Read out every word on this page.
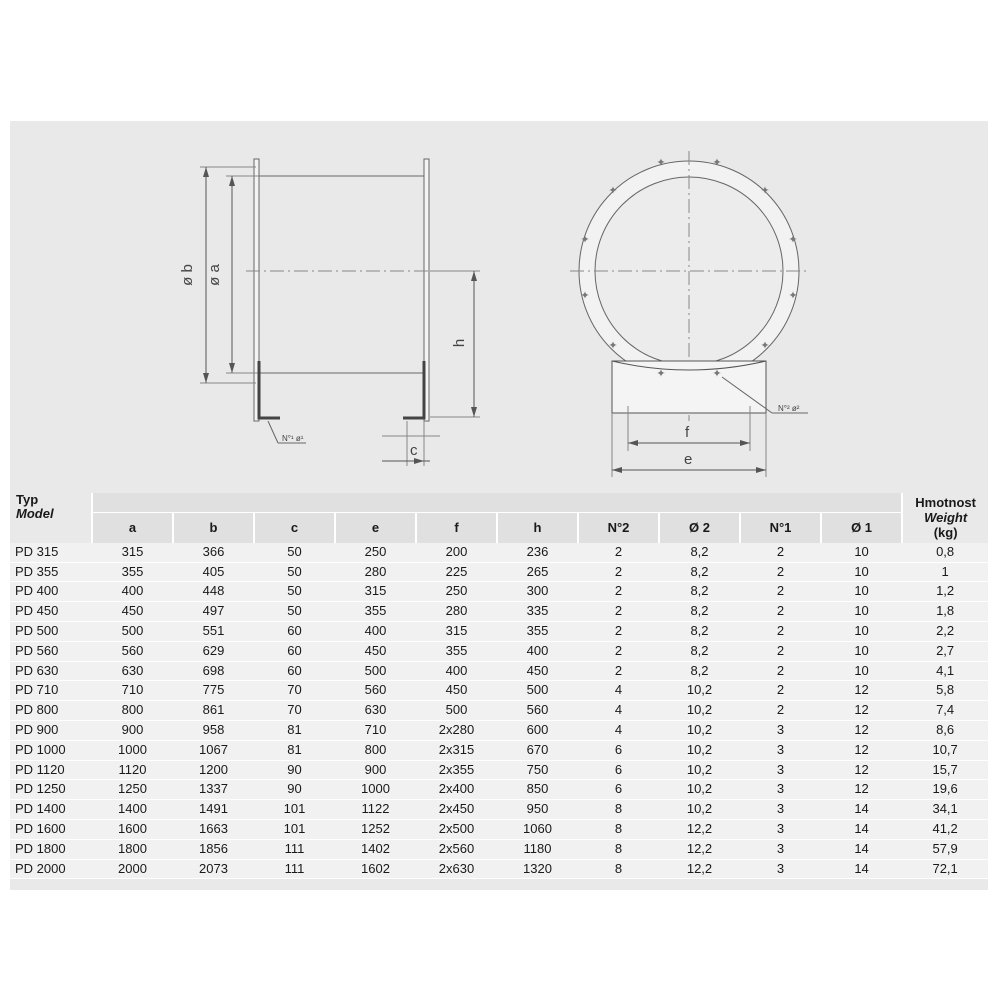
ø b ø a
h
c
N°¹ ø¹
✦	✦
✦
✦
✦
✦
✦
✦
✦
✦
✦
✦
f
e
N°² ø²
Typ
Model											Hmotnost
Weight
(kg)

	a	b	c	e	f	h	N°2	Ø 2	N°1	Ø 1	
PD 315	315	366	50	250	200	236	2	8,2	2	10	0,8
PD 355	355	405	50	280	225	265	2	8,2	2	10	1
PD 400	400	448	50	315	250	300	2	8,2	2	10	1,2
PD 450	450	497	50	355	280	335	2	8,2	2	10	1,8
PD 500	500	551	60	400	315	355	2	8,2	2	10	2,2
PD 560	560	629	60	450	355	400	2	8,2	2	10	2,7
PD 630	630	698	60	500	400	450	2	8,2	2	10	4,1
PD 710	710	775	70	560	450	500	4	10,2	2	12	5,8
PD 800	800	861	70	630	500	560	4	10,2	2	12	7,4
PD 900	900	958	81	710	2x280	600	4	10,2	3	12	8,6
PD 1000	1000	1067	81	800	2x315	670	6	10,2	3	12	10,7
PD 1120	1120	1200	90	900	2x355	750	6	10,2	3	12	15,7
PD 1250	1250	1337	90	1000	2x400	850	6	10,2	3	12	19,6
PD 1400	1400	1491	101	1122	2x450	950	8	10,2	3	14	34,1
PD 1600	1600	1663	101	1252	2x500	1060	8	12,2	3	14	41,2
PD 1800	1800	1856	111	1402	2x560	1180	8	12,2	3	14	57,9
PD 2000	2000	2073	111	1602	2x630	1320	8	12,2	3	14	72,1
